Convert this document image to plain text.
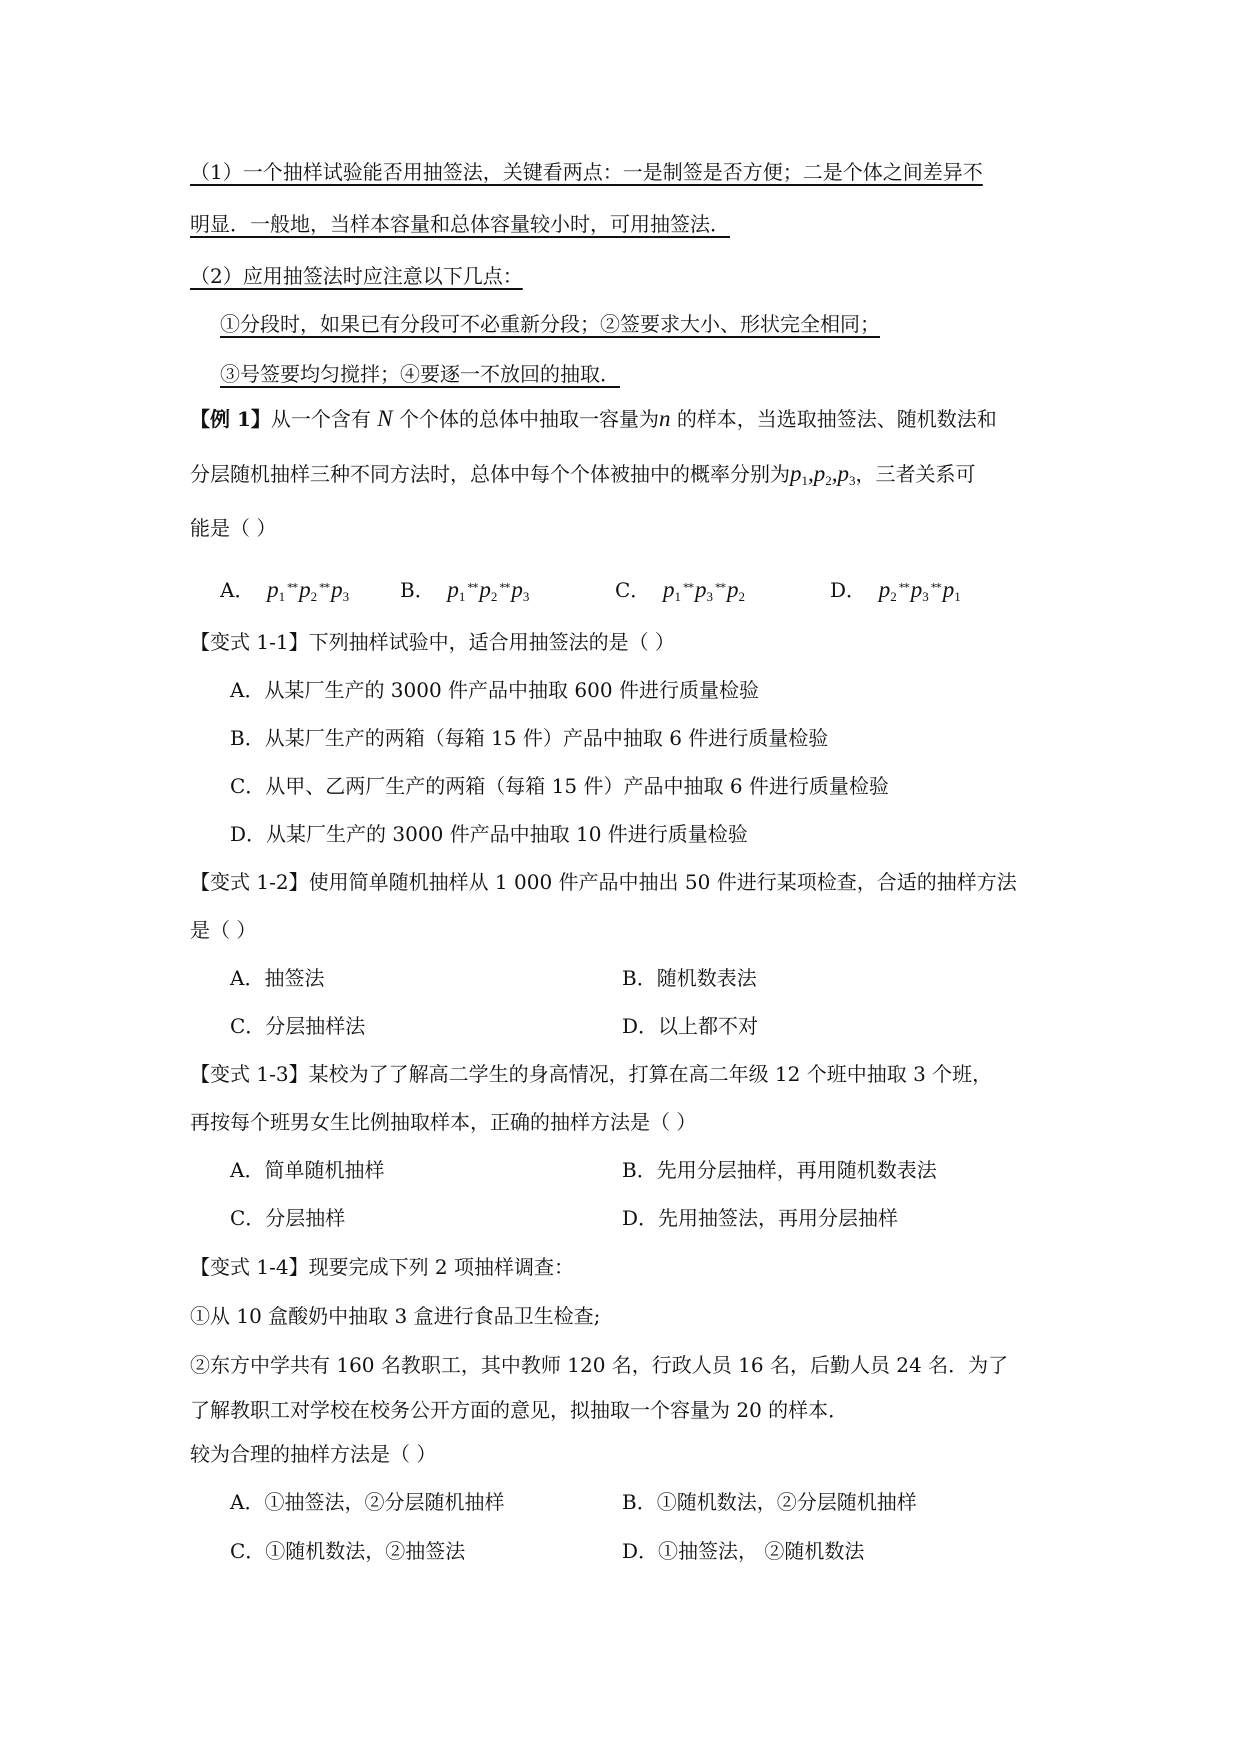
（1）一个抽样试验能否用抽签法，关键看两点：一是制签是否方便；二是个体之间差异不
明显．一般地，当样本容量和总体容量较小时，可用抽签法．
（2）应用抽签法时应注意以下几点：
①分段时，如果已有分段可不必重新分段；②签要求大小、形状完全相同；
③号签要均匀搅拌；④要逐一不放回的抽取．
【例 1】从一个含有 N 个个体的总体中抽取一容量为n 的样本，当选取抽签法、随机数法和
分层随机抽样三种不同方法时，总体中每个个体被抽中的概率分别为$p_1,p_2,p_3$，三者关系可
能是（ ）
A． $p_1^{⁎⁎}p_2^{⁎⁎}p_3$	B． $p_1^{⁎⁎}p_2^{⁎⁎}p_3$	C． $p_1^{⁎⁎}p_3^{⁎⁎}p_2$	D． $p_2^{⁎⁎}p_3^{⁎⁎}p_1$
【变式 1-1】下列抽样试验中，适合用抽签法的是（ ）
A．从某厂生产的 3000 件产品中抽取 600 件进行质量检验
B．从某厂生产的两箱（每箱 15 件）产品中抽取 6 件进行质量检验
C．从甲、乙两厂生产的两箱（每箱 15 件）产品中抽取 6 件进行质量检验
D．从某厂生产的 3000 件产品中抽取 10 件进行质量检验
【变式 1-2】使用简单随机抽样从 1 000 件产品中抽出 50 件进行某项检查，合适的抽样方法
是（ ）
A．抽签法	B．随机数表法
C．分层抽样法	D．以上都不对
【变式 1-3】某校为了了解高二学生的身高情况，打算在高二年级 12 个班中抽取 3 个班，
再按每个班男女生比例抽取样本，正确的抽样方法是（ ）
A．简单随机抽样	B．先用分层抽样，再用随机数表法
C．分层抽样	D．先用抽签法，再用分层抽样
【变式 1-4】现要完成下列 2 项抽样调查：
①从 10 盒酸奶中抽取 3 盒进行食品卫生检查;
②东方中学共有 160 名教职工，其中教师 120 名，行政人员 16 名，后勤人员 24 名．为了
了解教职工对学校在校务公开方面的意见，拟抽取一个容量为 20 的样本．
较为合理的抽样方法是（ ）
A．①抽签法，②分层随机抽样	B．①随机数法，②分层随机抽样
C．①随机数法，②抽签法	D．①抽签法， ②随机数法
